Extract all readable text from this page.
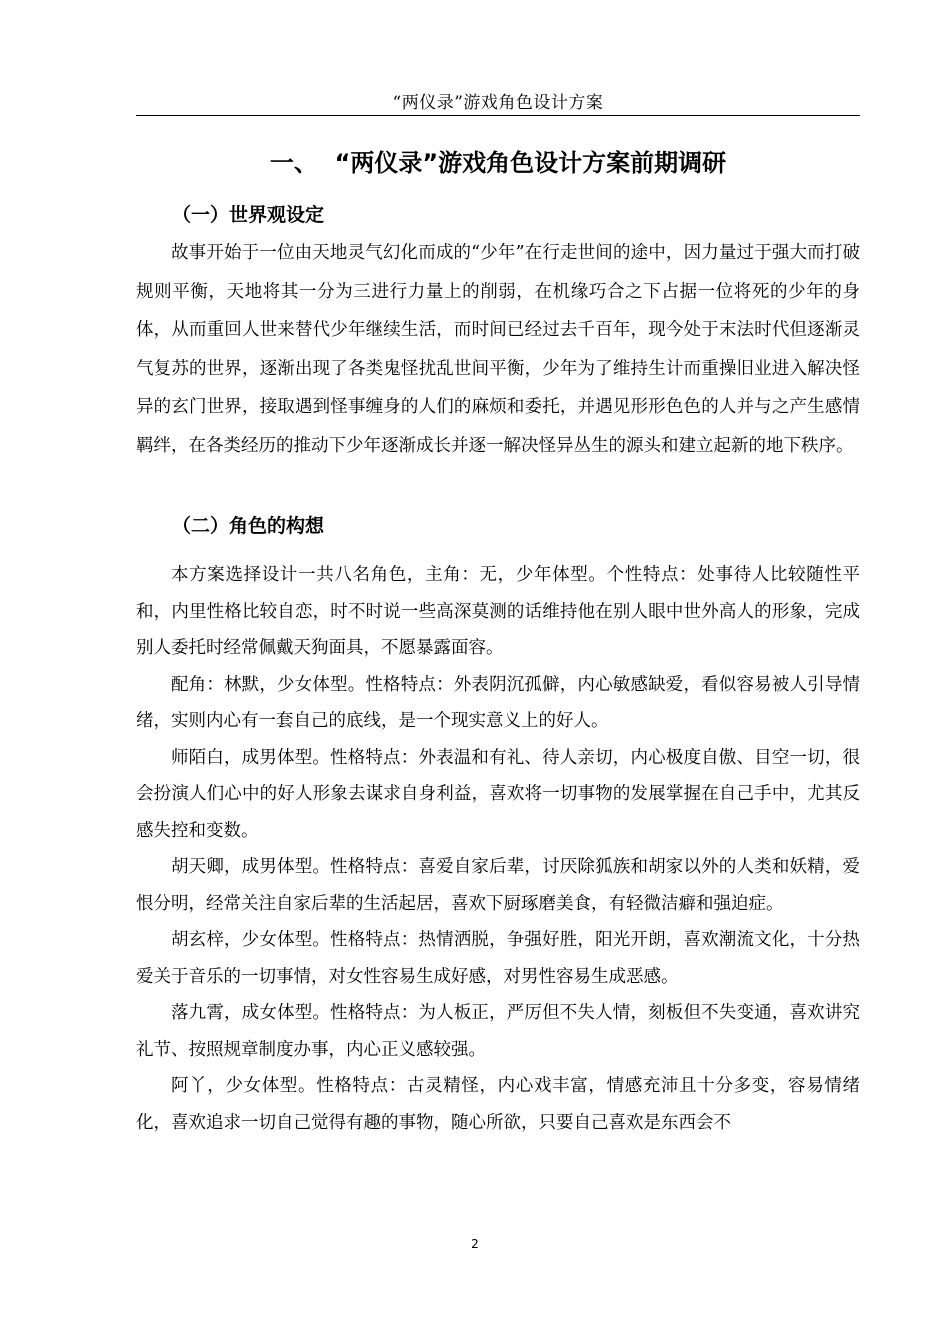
“两仪录”游戏角色设计方案
一、  “两仪录”游戏角色设计方案前期调研
（一）世界观设定

故事开始于一位由天地灵气幻化而成的“少年”在行走世间的途中，因力量过于强大而打破规则平衡，天地将其一分为三进行力量上的削弱，在机缘巧合之下占据一位将死的少年的身体，从而重回人世来替代少年继续生活，而时间已经过去千百年，现今处于末法时代但逐渐灵气复苏的世界，逐渐出现了各类鬼怪扰乱世间平衡，少年为了维持生计而重操旧业进入解决怪异的玄门世界，接取遇到怪事缠身的人们的麻烦和委托，并遇见形形色色的人并与之产生感情羁绊，在各类经历的推动下少年逐渐成长并逐一解决怪异丛生的源头和建立起新的地下秩序。

（二）角色的构想

本方案选择设计一共八名角色，主角：无，少年体型。个性特点：处事待人比较随性平和，内里性格比较自恋，时不时说一些高深莫测的话维持他在别人眼中世外高人的形象，完成别人委托时经常佩戴天狗面具，不愿暴露面容。

配角：林默，少女体型。性格特点：外表阴沉孤僻，内心敏感缺爱，看似容易被人引导情绪，实则内心有一套自己的底线，是一个现实意义上的好人。

师陌白，成男体型。性格特点：外表温和有礼、待人亲切，内心极度自傲、目空一切，很会扮演人们心中的好人形象去谋求自身利益，喜欢将一切事物的发展掌握在自己手中，尤其反感失控和变数。

胡天卿，成男体型。性格特点：喜爱自家后辈，讨厌除狐族和胡家以外的人类和妖精，爱恨分明，经常关注自家后辈的生活起居，喜欢下厨琢磨美食，有轻微洁癖和强迫症。

胡玄梓，少女体型。性格特点：热情洒脱，争强好胜，阳光开朗，喜欢潮流文化，十分热爱关于音乐的一切事情，对女性容易生成好感，对男性容易生成恶感。

落九霄，成女体型。性格特点：为人板正，严厉但不失人情，刻板但不失变通，喜欢讲究礼节、按照规章制度办事，内心正义感较强。

阿丫，少女体型。性格特点：古灵精怪，内心戏丰富，情感充沛且十分多变，容易情绪化，喜欢追求一切自己觉得有趣的事物，随心所欲，只要自己喜欢是东西会不

2
